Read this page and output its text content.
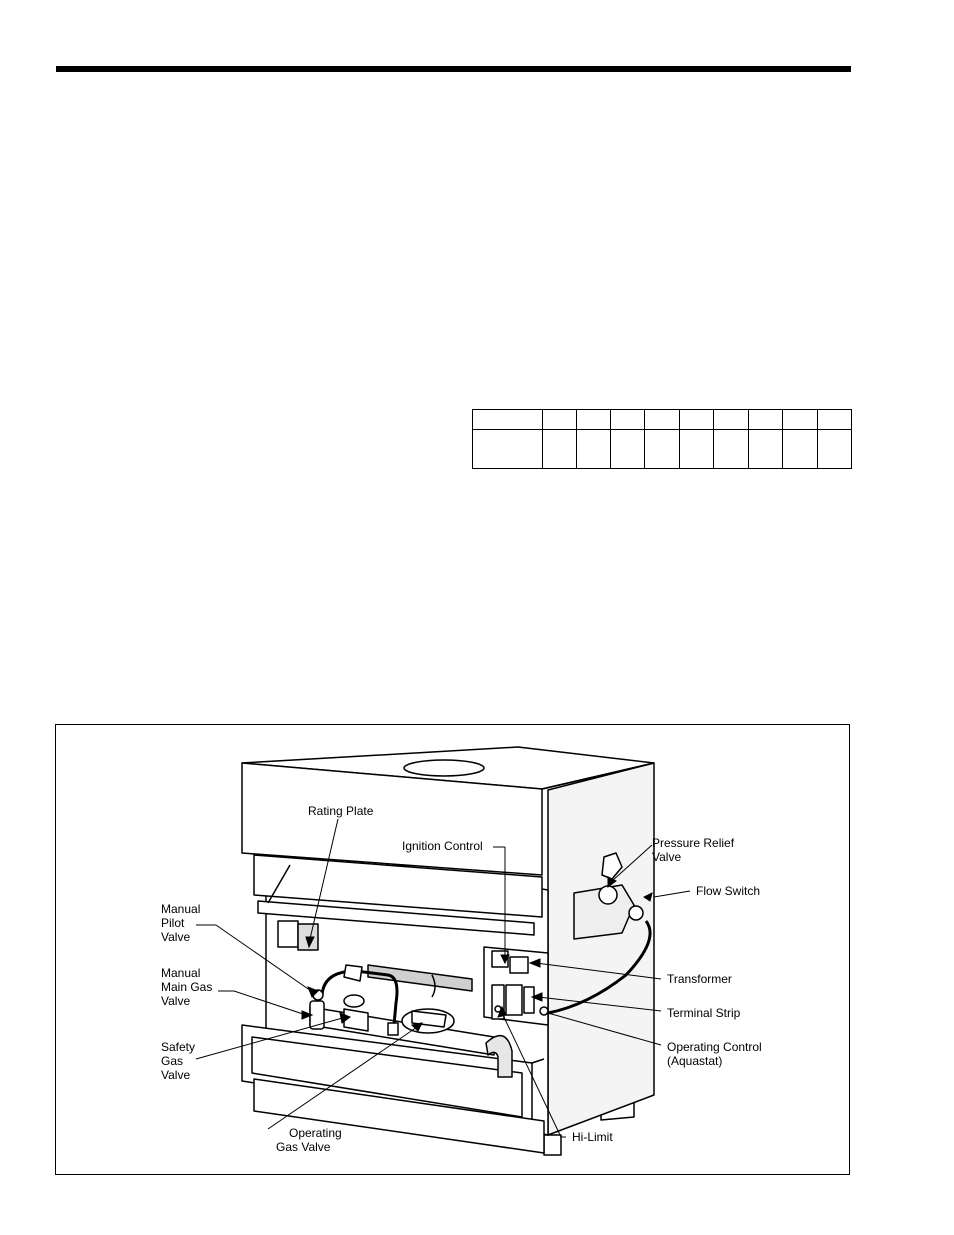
Rating Plate
Ignition Control	Pressure Relief
Valve
Flow Switch
Manual
Pilot
Valve
Manual
Main Gas
Valve
Safety
Gas
Valve
Transformer
Terminal Strip
Operating Control
(Aquastat)
Operating
Gas Valve
Hi-Limit
